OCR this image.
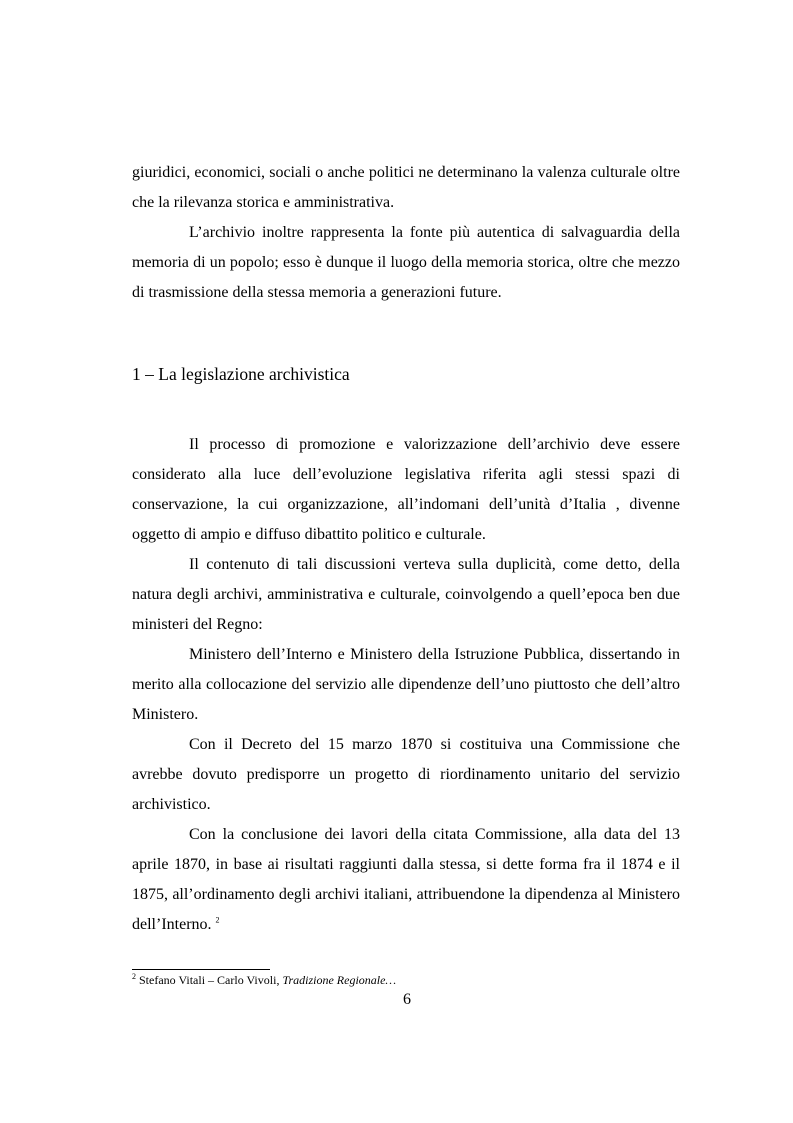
giuridici, economici, sociali o anche politici ne determinano la valenza culturale oltre che la rilevanza storica e amministrativa.

L’archivio inoltre rappresenta la fonte più autentica di salvaguardia della memoria di un popolo; esso è dunque il luogo della memoria storica, oltre che mezzo di trasmissione della stessa memoria a generazioni future.

1 – La legislazione archivistica

Il processo di promozione e valorizzazione dell’archivio deve essere considerato alla luce dell’evoluzione legislativa riferita agli stessi spazi di conservazione, la cui organizzazione, all’indomani dell’unità d’Italia , divenne oggetto di ampio e diffuso dibattito politico e culturale.

Il contenuto di tali discussioni verteva sulla duplicità, come detto, della natura degli archivi, amministrativa e culturale, coinvolgendo a quell’epoca ben due ministeri del Regno:

Ministero dell’Interno e Ministero della Istruzione Pubblica, dissertando in merito alla collocazione del servizio alle dipendenze dell’uno piuttosto che dell’altro Ministero.

Con il Decreto del 15 marzo 1870 si costituiva una Commissione che avrebbe dovuto predisporre un progetto di riordinamento unitario del servizio archivistico.

Con la conclusione dei lavori della citata Commissione, alla data del 13 aprile 1870, in base ai risultati raggiunti dalla stessa, si dette forma fra il 1874 e il 1875, all’ordinamento degli archivi italiani, attribuendone la dipendenza al Ministero dell’Interno. $^2$

$^2$ Stefano Vitali – Carlo Vivoli, Tradizione Regionale…

6
